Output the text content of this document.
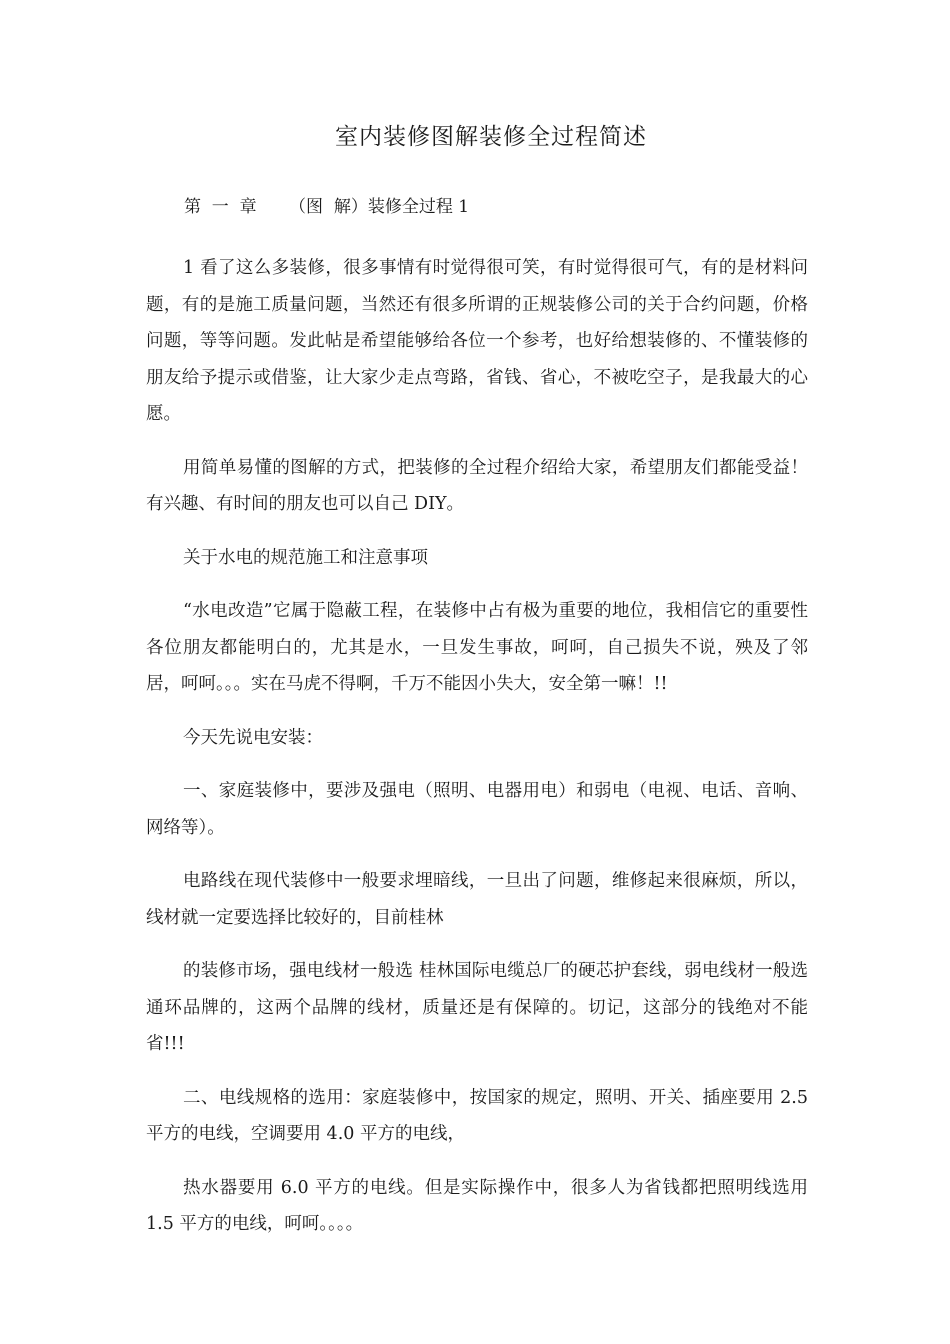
室内装修图解装修全过程简述

第  一  章      （图  解）装修全过程 1

1 看了这么多装修，很多事情有时觉得很可笑，有时觉得很可气，有的是材料问题，有的是施工质量问题，当然还有很多所谓的正规装修公司的关于合约问题，价格问题，等等问题。发此帖是希望能够给各位一个参考，也好给想装修的、不懂装修的朋友给予提示或借鉴，让大家少走点弯路，省钱、省心，不被吃空子，是我最大的心愿。

用简单易懂的图解的方式，把装修的全过程介绍给大家，希望朋友们都能受益！有兴趣、有时间的朋友也可以自己 DIY。

关于水电的规范施工和注意事项

“水电改造”它属于隐蔽工程，在装修中占有极为重要的地位，我相信它的重要性各位朋友都能明白的，尤其是水，一旦发生事故，呵呵，自己损失不说，殃及了邻居，呵呵。。。实在马虎不得啊，千万不能因小失大，安全第一嘛！!!

今天先说电安装：

一、家庭装修中，要涉及强电（照明、电器用电）和弱电（电视、电话、音响、网络等）。

电路线在现代装修中一般要求埋暗线，一旦出了问题，维修起来很麻烦，所以，线材就一定要选择比较好的，目前桂林

的装修市场，强电线材一般选 桂林国际电缆总厂的硬芯护套线，弱电线材一般选 通环品牌的，这两个品牌的线材，质量还是有保障的。切记，这部分的钱绝对不能省!!!

二、电线规格的选用：家庭装修中，按国家的规定，照明、开关、插座要用 2.5 平方的电线，空调要用 4.0 平方的电线，

热水器要用 6.0 平方的电线。但是实际操作中，很多人为省钱都把照明线选用 1.5 平方的电线，呵呵。。。。
